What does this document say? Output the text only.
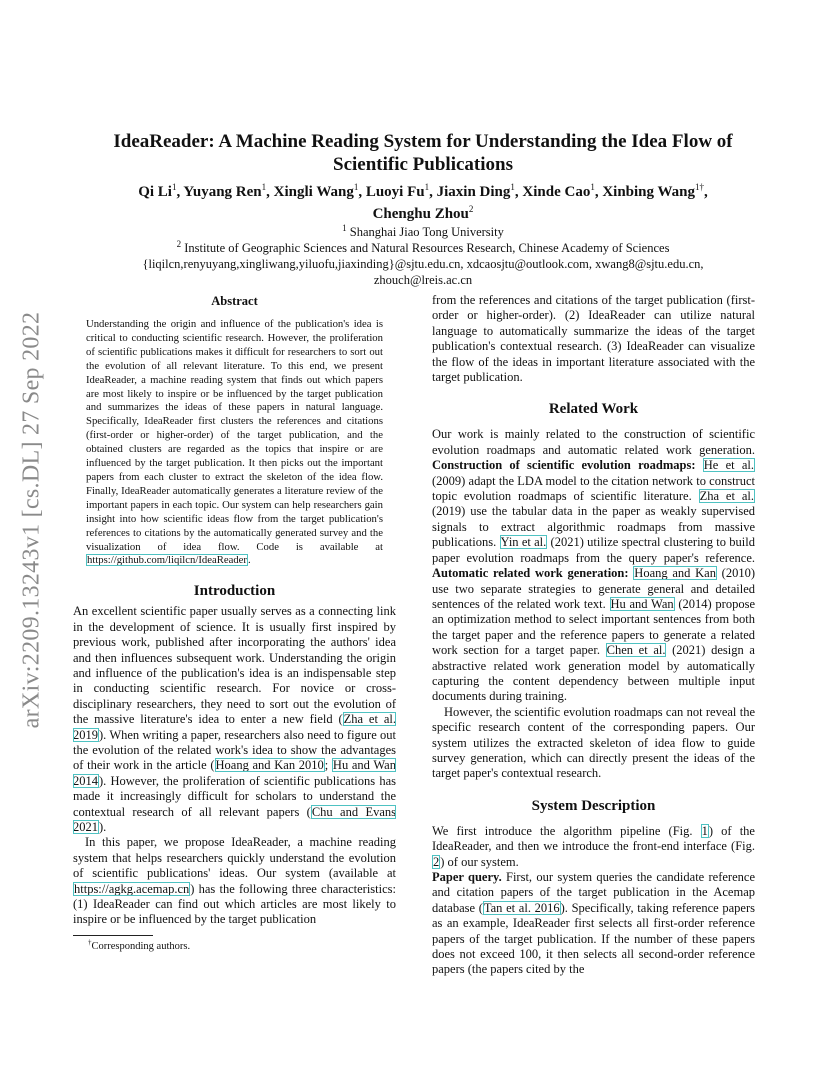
arXiv:2209.13243v1 [cs.DL] 27 Sep 2022
IdeaReader: A Machine Reading System for Understanding the Idea Flow of
Scientific Publications
Qi Li$^1$, Yuyang Ren$^1$, Xingli Wang$^1$, Luoyi Fu$^1$, Jiaxin Ding$^1$, Xinde Cao$^1$, Xinbing Wang$^{1\dagger}$,
Chenghu Zhou$^2$
$^1$ Shanghai Jiao Tong University
$^2$ Institute of Geographic Sciences and Natural Resources Research, Chinese Academy of Sciences
{liqilcn,renyuyang,xingliwang,yiluofu,jiaxinding}@sjtu.edu.cn, xdcaosjtu@outlook.com, xwang8@sjtu.edu.cn,
zhouch@lreis.ac.cn
Abstract

Understanding the origin and influence of the publication's idea is critical to conducting scientific research. However, the proliferation of scientific publications makes it difficult for researchers to sort out the evolution of all relevant literature. To this end, we present IdeaReader, a machine reading system that finds out which papers are most likely to inspire or be influenced by the target publication and summarizes the ideas of these papers in natural language. Specifically, IdeaReader first clusters the references and citations (first-order or higher-order) of the target publication, and the obtained clusters are regarded as the topics that inspire or are influenced by the target publication. It then picks out the important papers from each cluster to extract the skeleton of the idea flow. Finally, IdeaReader automatically generates a literature review of the important papers in each topic. Our system can help researchers gain insight into how scientific ideas flow from the target publication's references to citations by the automatically generated survey and the visualization of idea flow. Code is available at https://github.com/liqilcn/IdeaReader.

Introduction

An excellent scientific paper usually serves as a connecting link in the development of science. It is usually first inspired by previous work, published after incorporating the authors' idea and then influences subsequent work. Understanding the origin and influence of the publication's idea is an indispensable step in conducting scientific research. For novice or cross-disciplinary researchers, they need to sort out the evolution of the massive literature's idea to enter a new field (Zha et al. 2019). When writing a paper, researchers also need to figure out the evolution of the related work's idea to show the advantages of their work in the article (Hoang and Kan 2010; Hu and Wan 2014). However, the proliferation of scientific publications has made it increasingly difficult for scholars to understand the contextual research of all relevant papers (Chu and Evans 2021).

In this paper, we propose IdeaReader, a machine reading system that helps researchers quickly understand the evolution of scientific publications' ideas. Our system (available at https://agkg.acemap.cn) has the following three characteristics: (1) IdeaReader can find out which articles are most likely to inspire or be influenced by the target publication

from the references and citations of the target publication (first-order or higher-order). (2) IdeaReader can utilize natural language to automatically summarize the ideas of the target publication's contextual research. (3) IdeaReader can visualize the flow of the ideas in important literature associated with the target publication.

Related Work

Our work is mainly related to the construction of scientific evolution roadmaps and automatic related work generation. Construction of scientific evolution roadmaps: He et al. (2009) adapt the LDA model to the citation network to construct topic evolution roadmaps of scientific literature. Zha et al. (2019) use the tabular data in the paper as weakly supervised signals to extract algorithmic roadmaps from massive publications. Yin et al. (2021) utilize spectral clustering to build paper evolution roadmaps from the query paper's reference. Automatic related work generation: Hoang and Kan (2010) use two separate strategies to generate general and detailed sentences of the related work text. Hu and Wan (2014) propose an optimization method to select important sentences from both the target paper and the reference papers to generate a related work section for a target paper. Chen et al. (2021) design a abstractive related work generation model by automatically capturing the content dependency between multiple input documents during training.

However, the scientific evolution roadmaps can not reveal the specific research content of the corresponding papers. Our system utilizes the extracted skeleton of idea flow to guide survey generation, which can directly present the ideas of the target paper's contextual research.

System Description

We first introduce the algorithm pipeline (Fig. 1) of the IdeaReader, and then we introduce the front-end interface (Fig. 2) of our system.

Paper query. First, our system queries the candidate reference and citation papers of the target publication in the Acemap database (Tan et al. 2016). Specifically, taking reference papers as an example, IdeaReader first selects all first-order reference papers of the target publication. If the number of these papers does not exceed 100, it then selects all second-order reference papers (the papers cited by the

†Corresponding authors.
